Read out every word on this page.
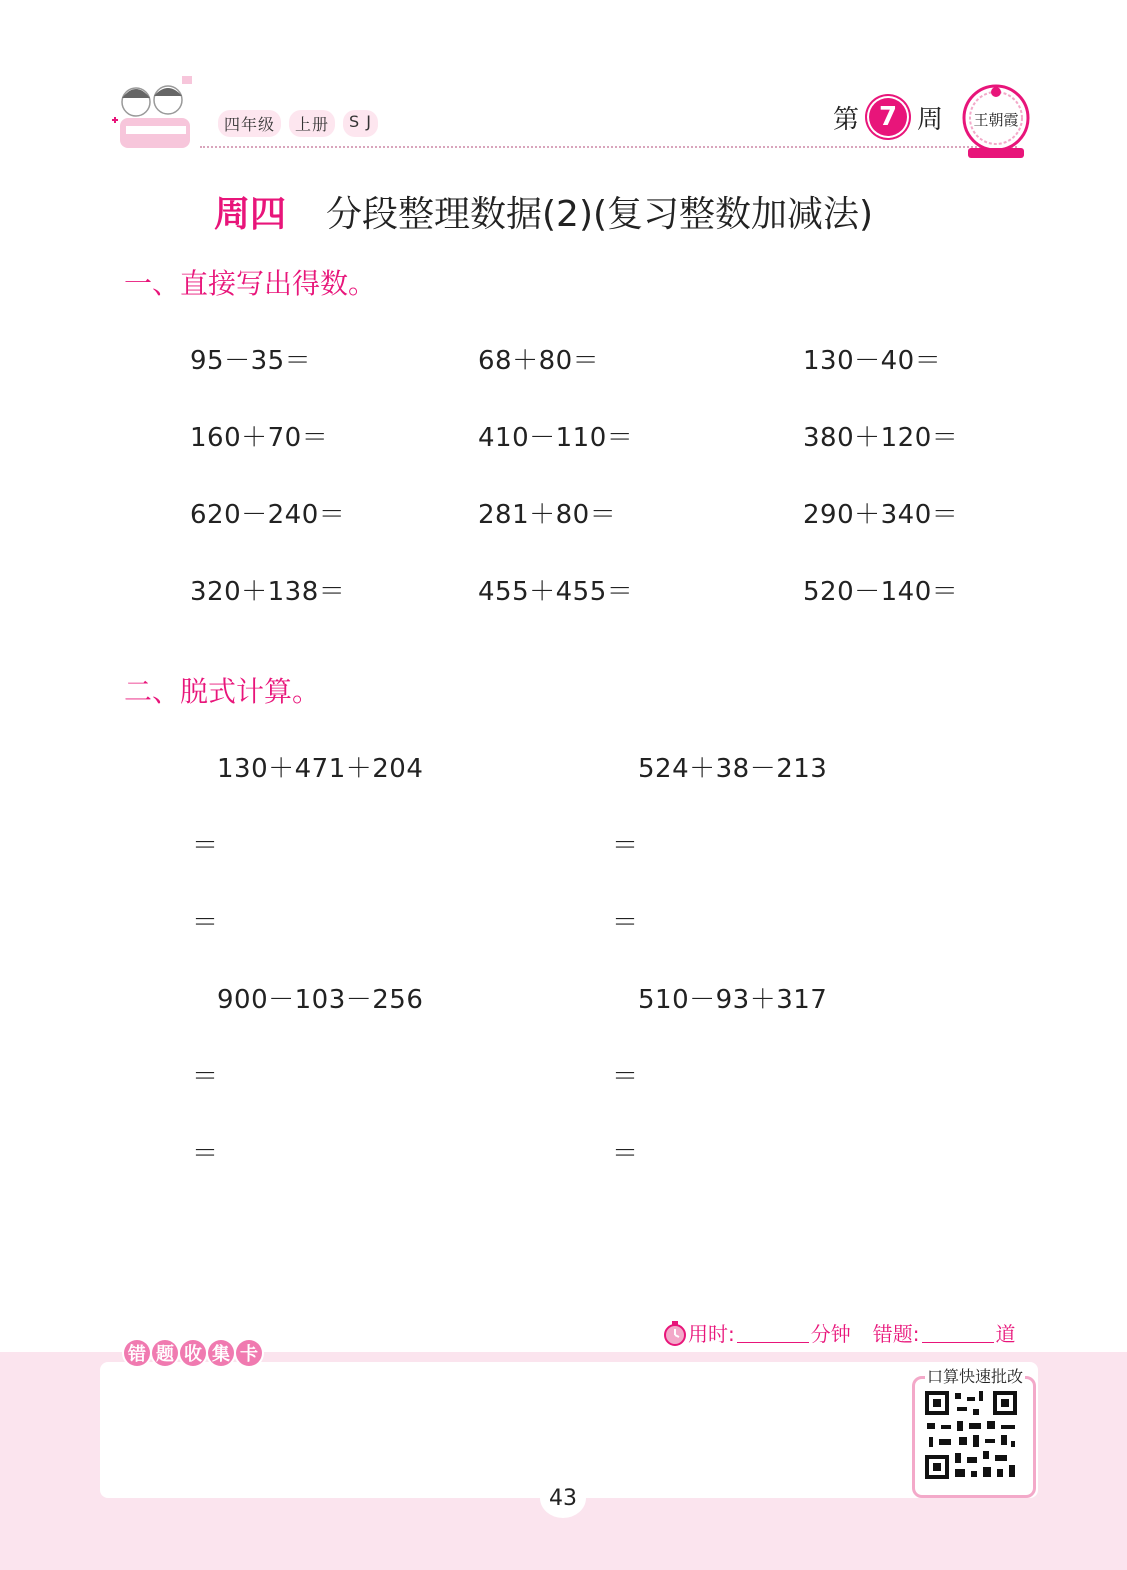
四年级	上册	S J	第 7 周 王朝霞
周四 分段整理数据(2)(复习整数加减法)
一、直接写出得数。
95－35＝	68＋80＝	130－40＝
160＋70＝	410－110＝	380＋120＝
620－240＝	281＋80＝	290＋340＝
320＋138＝	455＋455＝	520－140＝
二、脱式计算。
130＋471＋204	524＋38－213
＝	＝
＝	＝
900－103－256	510－93＋317
＝	＝
＝	＝
用时:	分钟 错题:	道
错 题 收 集 卡
口算快速批改
43
